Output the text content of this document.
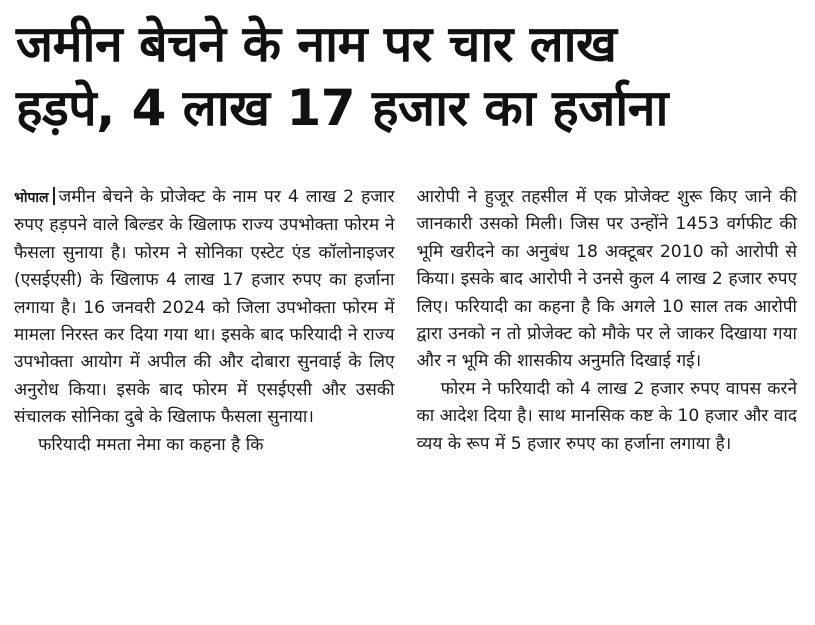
जमीन बेचने के नाम पर चार लाख
हड़पे, 4 लाख 17 हजार का हर्जाना

भोपाल जमीन बेचने के प्रोजेक्ट के नाम पर 4 लाख 2 हजार रुपए हड़पने वाले बिल्डर के खिलाफ राज्य उपभोक्ता फोरम ने फैसला सुनाया है। फोरम ने सोनिका एस्टेट एंड कॉलोनाइजर (एसईएसी) के खिलाफ 4 लाख 17 हजार रुपए का हर्जाना लगाया है। 16 जनवरी 2024 को जिला उपभोक्ता फोरम में मामला निरस्त कर दिया गया था। इसके बाद फरियादी ने राज्य उपभोक्ता आयोग में अपील की और दोबारा सुनवाई के लिए अनुरोध किया। इसके बाद फोरम में एसईएसी और उसकी संचालक सोनिका दुबे के खिलाफ फैसला सुनाया।

फरियादी ममता नेमा का कहना है कि

आरोपी ने हुजूर तहसील में एक प्रोजेक्ट शुरू किए जाने की जानकारी उसको मिली। जिस पर उन्होंने 1453 वर्गफीट की भूमि खरीदने का अनुबंध 18 अक्टूबर 2010 को आरोपी से किया। इसके बाद आरोपी ने उनसे कुल 4 लाख 2 हजार रुपए लिए। फरियादी का कहना है कि अगले 10 साल तक आरोपी द्वारा उनको न तो प्रोजेक्ट को मौके पर ले जाकर दिखाया गया और न भूमि की शासकीय अनुमति दिखाई गई।

फोरम ने फरियादी को 4 लाख 2 हजार रुपए वापस करने का आदेश दिया है। साथ मानसिक कष्ट के 10 हजार और वाद व्यय के रूप में 5 हजार रुपए का हर्जाना लगाया है।
